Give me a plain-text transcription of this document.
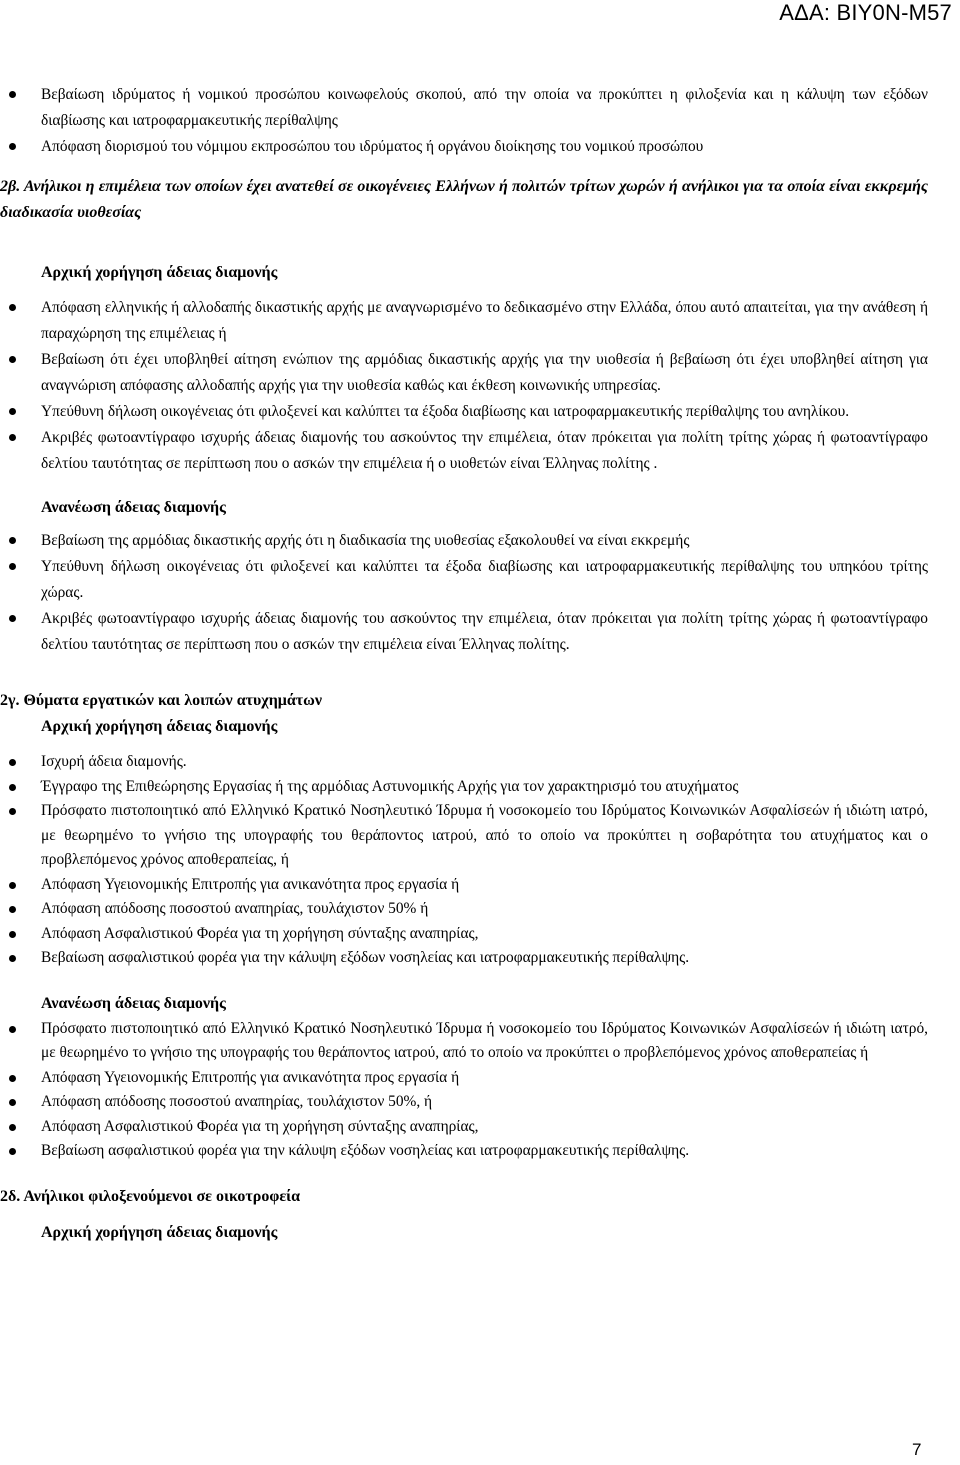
ΑΔΑ: ΒΙΥ0Ν-Μ57
Βεβαίωση ιδρύματος ή νομικού προσώπου κοινωφελούς σκοπού, από την οποία να προκύπτει η φιλοξενία και η κάλυψη των εξόδων διαβίωσης και ιατροφαρμακευτικής περίθαλψης
Απόφαση διορισμού του νόμιμου εκπροσώπου του ιδρύματος ή οργάνου διοίκησης του νομικού προσώπου
2β. Ανήλικοι η επιμέλεια των οποίων έχει ανατεθεί σε οικογένειες Ελλήνων ή πολιτών τρίτων χωρών ή ανήλικοι για τα οποία είναι εκκρεμής διαδικασία υιοθεσίας
Αρχική χορήγηση άδειας διαμονής
Απόφαση ελληνικής ή αλλοδαπής δικαστικής αρχής με αναγνωρισμένο το δεδικασμένο στην Ελλάδα, όπου αυτό απαιτείται, για την ανάθεση ή παραχώρηση της επιμέλειας ή
Βεβαίωση ότι έχει υποβληθεί αίτηση ενώπιον της αρμόδιας δικαστικής αρχής για την υιοθεσία ή βεβαίωση ότι έχει υποβληθεί αίτηση για αναγνώριση απόφασης αλλοδαπής αρχής για την υιοθεσία καθώς και έκθεση κοινωνικής υπηρεσίας.
Υπεύθυνη δήλωση οικογένειας ότι φιλοξενεί και καλύπτει τα έξοδα διαβίωσης και ιατροφαρμακευτικής περίθαλψης του ανηλίκου.
Ακριβές φωτοαντίγραφο ισχυρής άδειας διαμονής του ασκούντος την επιμέλεια, όταν πρόκειται για πολίτη τρίτης χώρας ή φωτοαντίγραφο δελτίου ταυτότητας σε περίπτωση που ο ασκών την επιμέλεια ή ο υιοθετών είναι Έλληνας πολίτης .
Ανανέωση άδειας διαμονής
Βεβαίωση της αρμόδιας δικαστικής αρχής ότι η διαδικασία της υιοθεσίας εξακολουθεί να είναι εκκρεμής
Υπεύθυνη δήλωση οικογένειας ότι φιλοξενεί και καλύπτει τα έξοδα διαβίωσης και ιατροφαρμακευτικής περίθαλψης του υπηκόου τρίτης χώρας.
Ακριβές φωτοαντίγραφο ισχυρής άδειας διαμονής του ασκούντος την επιμέλεια, όταν πρόκειται για πολίτη τρίτης χώρας ή φωτοαντίγραφο δελτίου ταυτότητας σε περίπτωση που ο ασκών την επιμέλεια είναι Έλληνας πολίτης.
2γ. Θύματα εργατικών και λοιπών ατυχημάτων
Αρχική χορήγηση άδειας διαμονής
Ισχυρή άδεια διαμονής.
Έγγραφο της Επιθεώρησης Εργασίας ή της αρμόδιας Αστυνομικής Αρχής για τον χαρακτηρισμό του ατυχήματος
Πρόσφατο πιστοποιητικό από Ελληνικό Κρατικό Νοσηλευτικό Ίδρυμα ή νοσοκομείο του Ιδρύματος Κοινωνικών Ασφαλίσεών ή ιδιώτη ιατρό, με θεωρημένο το γνήσιο της υπογραφής του θεράποντος ιατρού, από το οποίο να προκύπτει η σοβαρότητα του ατυχήματος και ο προβλεπόμενος χρόνος αποθεραπείας, ή
Απόφαση Υγειονομικής Επιτροπής για ανικανότητα προς εργασία ή
Απόφαση απόδοσης ποσοστού αναπηρίας, τουλάχιστον 50% ή
Απόφαση Ασφαλιστικού Φορέα για τη χορήγηση σύνταξης αναπηρίας,
Βεβαίωση ασφαλιστικού φορέα για την κάλυψη εξόδων νοσηλείας και ιατροφαρμακευτικής περίθαλψης.
Ανανέωση άδειας διαμονής
Πρόσφατο πιστοποιητικό από Ελληνικό Κρατικό Νοσηλευτικό Ίδρυμα ή νοσοκομείο του Ιδρύματος Κοινωνικών Ασφαλίσεών ή ιδιώτη ιατρό, με θεωρημένο το γνήσιο της υπογραφής του θεράποντος ιατρού, από το οποίο να προκύπτει ο προβλεπόμενος χρόνος αποθεραπείας ή
Απόφαση Υγειονομικής Επιτροπής για ανικανότητα προς εργασία ή
Απόφαση απόδοσης ποσοστού αναπηρίας, τουλάχιστον 50%, ή
Απόφαση Ασφαλιστικού Φορέα για τη χορήγηση σύνταξης αναπηρίας,
Βεβαίωση ασφαλιστικού φορέα για την κάλυψη εξόδων νοσηλείας και ιατροφαρμακευτικής περίθαλψης.
2δ. Ανήλικοι φιλοξενούμενοι σε οικοτροφεία
Αρχική χορήγηση άδειας διαμονής
7
